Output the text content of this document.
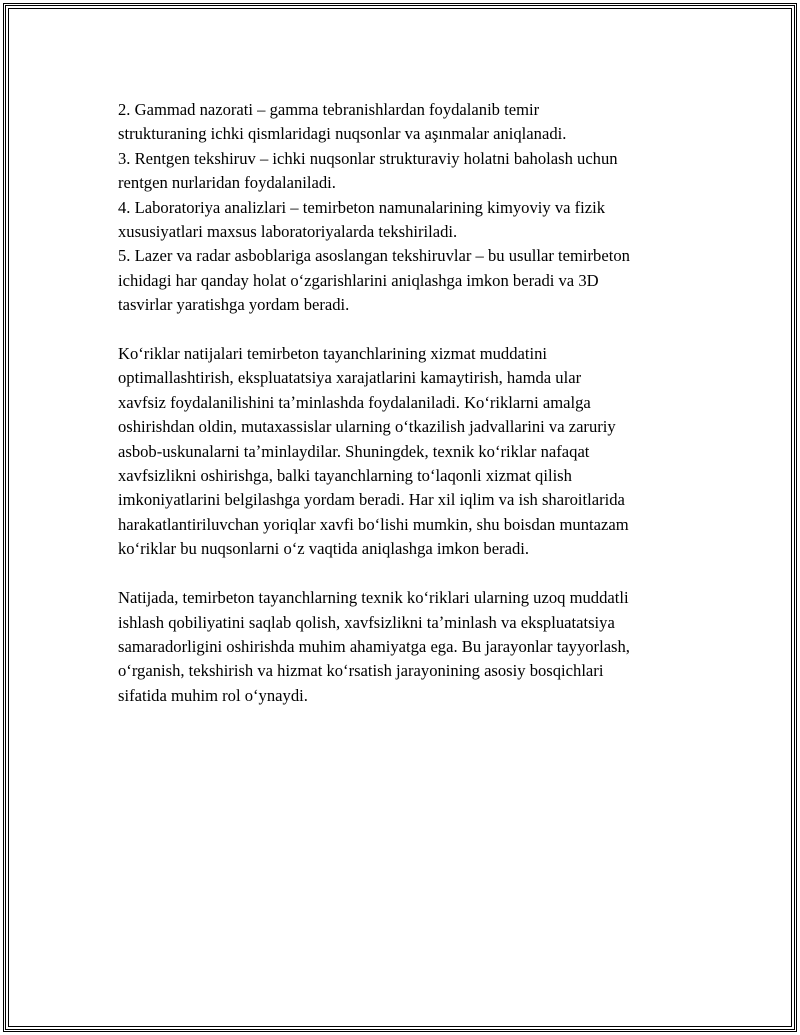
2. Gammad nazorati – gamma tebranishlardan foydalanib temir
strukturaning ichki qismlaridagi nuqsonlar va aşınmalar aniqlanadi.
3. Rentgen tekshiruv – ichki nuqsonlar strukturaviy holatni baholash uchun
rentgen nurlaridan foydalaniladi.
4. Laboratoriya analizlari – temirbeton namunalarining kimyoviy va fizik
xususiyatlari maxsus laboratoriyalarda tekshiriladi.
5. Lazer va radar asboblariga asoslangan tekshiruvlar – bu usullar temirbeton
ichidagi har qanday holat oʻzgarishlarini aniqlashga imkon beradi va 3D
tasvirlar yaratishga yordam beradi.
Koʻriklar natijalari temirbeton tayanchlarining xizmat muddatini
optimallashtirish, ekspluatatsiya xarajatlarini kamaytirish, hamda ular
xavfsiz foydalanilishini taʼminlashda foydalaniladi. Koʻriklarni amalga
oshirishdan oldin, mutaxassislar ularning oʻtkazilish jadvallarini va zaruriy
asbob-uskunalarni taʼminlaydilar. Shuningdek, texnik koʻriklar nafaqat
xavfsizlikni oshirishga, balki tayanchlarning toʻlaqonli xizmat qilish
imkoniyatlarini belgilashga yordam beradi. Har xil iqlim va ish sharoitlarida
harakatlantiriluvchan yoriqlar xavfi boʻlishi mumkin, shu boisdan muntazam
koʻriklar bu nuqsonlarni oʻz vaqtida aniqlashga imkon beradi.
Natijada, temirbeton tayanchlarning texnik koʻriklari ularning uzoq muddatli
ishlash qobiliyatini saqlab qolish, xavfsizlikni taʼminlash va ekspluatatsiya
samaradorligini oshirishda muhim ahamiyatga ega. Bu jarayonlar tayyorlash,
oʻrganish, tekshirish va hizmat koʻrsatish jarayonining asosiy bosqichlari
sifatida muhim rol oʻynaydi.
